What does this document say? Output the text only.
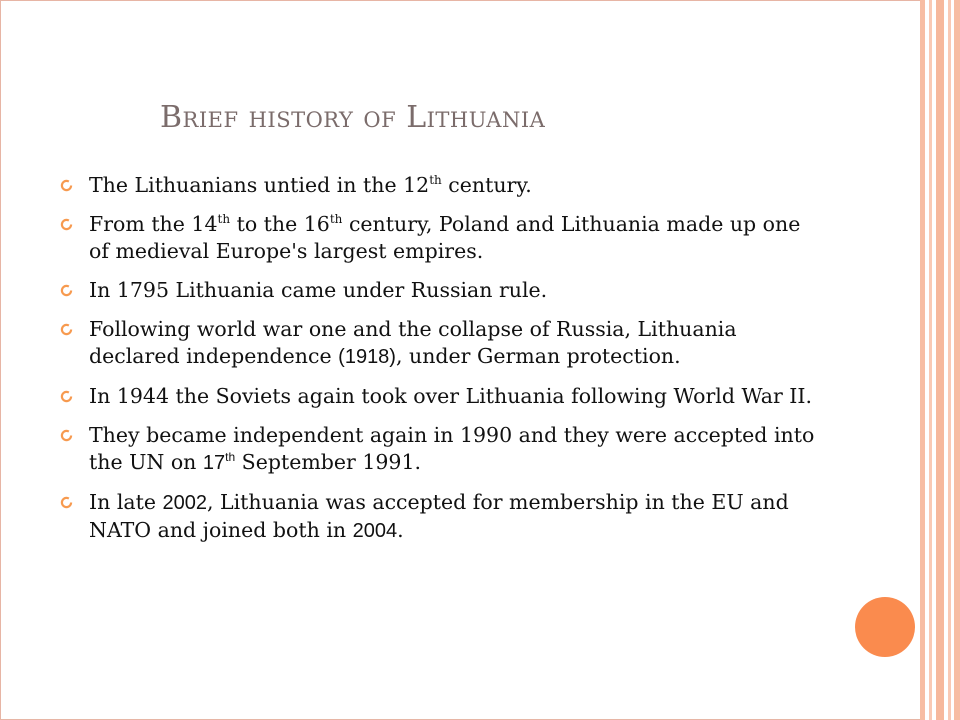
Brief history of Lithuania
The Lithuanians untied in the 12th century.
From the 14th to the 16th century, Poland and Lithuania made up one of medieval Europe's largest empires.
In 1795 Lithuania came under Russian rule.
Following world war one and the collapse of Russia, Lithuania declared independence (1918), under German protection.
In 1944 the Soviets again took over Lithuania following World War II.
They became independent again in 1990 and they were accepted into the UN on 17th September 1991.
In late 2002, Lithuania was accepted for membership in the EU and NATO and joined both in 2004.
